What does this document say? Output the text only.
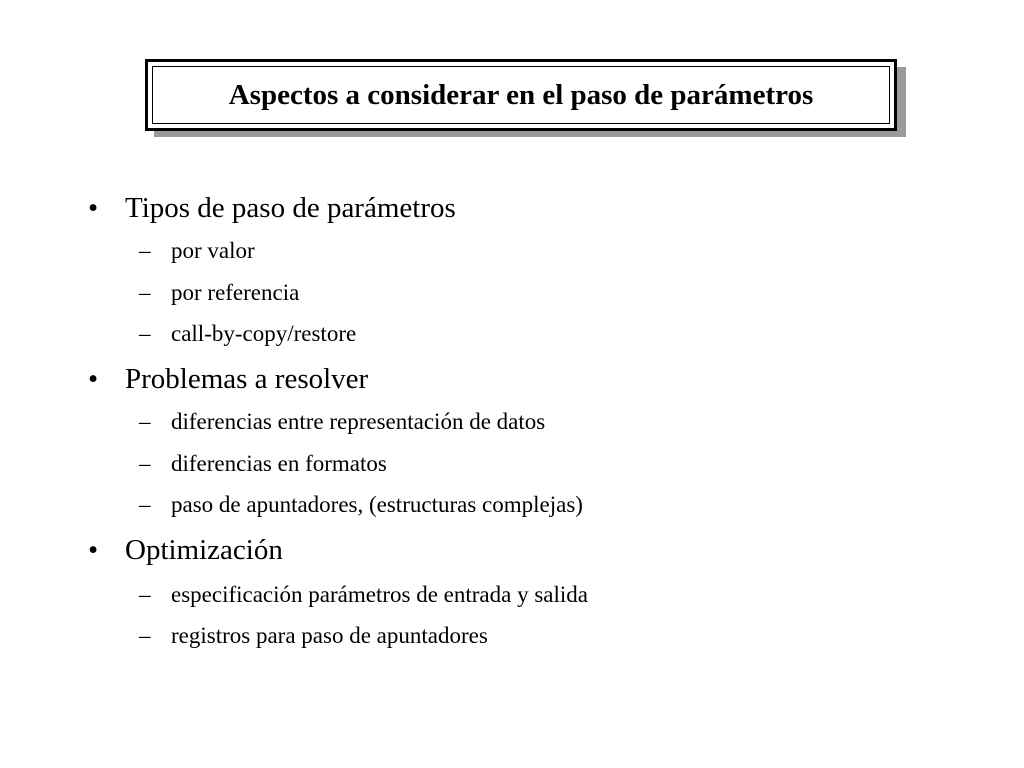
Aspectos a considerar en el paso de parámetros
• Tipos de paso de parámetros
– por valor
– por referencia
– call-by-copy/restore
• Problemas a resolver
– diferencias entre representación de datos
– diferencias en formatos
– paso de apuntadores, (estructuras complejas)
• Optimización
– especificación parámetros de entrada y salida
– registros para paso de apuntadores
